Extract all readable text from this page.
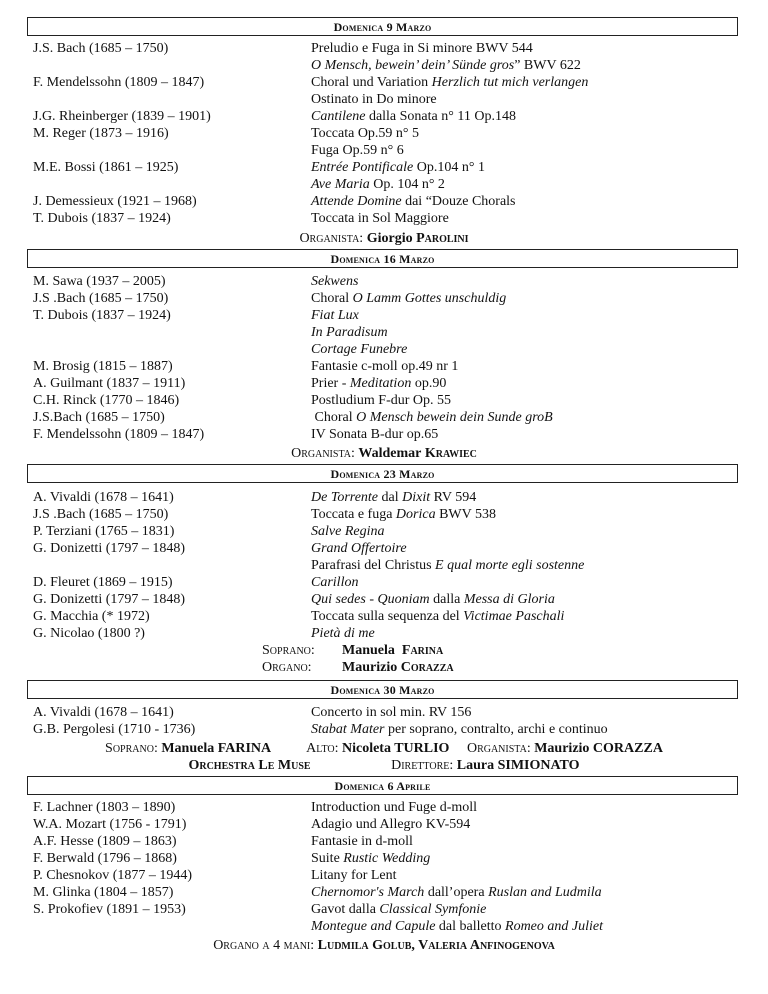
Domenica 9 Marzo
J.S. Bach (1685 – 1750)	Preludio e Fuga in Si minore BWV 544
O Mensch, bewein’ dein’ Sünde gros” BWV 622
F. Mendelssohn (1809 – 1847)	Choral und Variation Herzlich tut mich verlangen
Ostinato in Do minore
J.G. Rheinberger (1839 – 1901)	Cantilene dalla Sonata n° 11 Op.148
M. Reger (1873 – 1916)	Toccata Op.59 n° 5
Fuga Op.59 n° 6
M.E. Bossi (1861 – 1925)	Entrée Pontificale Op.104 n° 1
Ave Maria Op. 104 n° 2
J. Demessieux (1921 – 1968)	Attende Domine dai “Douze Chorals
T. Dubois (1837 – 1924)	Toccata in Sol Maggiore
Organista: Giorgio Parolini
Domenica 16 Marzo
M. Sawa (1937 – 2005)	Sekwens
J.S .Bach (1685 – 1750)	Choral O Lamm Gottes unschuldig
T. Dubois (1837 – 1924)	Fiat Lux
In Paradisum
Cortage Funebre
M. Brosig (1815 – 1887)	Fantasie c-moll op.49 nr 1
A. Guilmant (1837 – 1911)	Prier - Meditation op.90
C.H. Rinck (1770 – 1846)	Postludium F-dur Op. 55
J.S.Bach (1685 – 1750)	Choral O Mensch bewein dein Sunde groB
F. Mendelssohn (1809 – 1847)	IV Sonata B-dur op.65
Organista: Waldemar Krawiec
Domenica 23 Marzo
A. Vivaldi (1678 – 1641)	De Torrente dal Dixit RV 594
J.S .Bach (1685 – 1750)	Toccata e fuga Dorica BWV 538
P. Terziani (1765 – 1831)	Salve Regina
G. Donizetti (1797 – 1848)	Grand Offertoire
Parafrasi del Christus E qual morte egli sostenne
D. Fleuret (1869 – 1915)	Carillon
G. Donizetti (1797 – 1848)	Qui sedes - Quoniam dalla Messa di Gloria
G. Macchia (* 1972)	Toccata sulla sequenza del Victimae Paschali
G. Nicolao (1800 ?)	Pietà di me
Soprano: Manuela Farina
Organo: Maurizio Corazza
Domenica 30 Marzo
A. Vivaldi (1678 – 1641)	Concerto in sol min. RV 156
G.B. Pergolesi (1710 - 1736)	Stabat Mater per soprano, contralto, archi e continuo
Soprano: Manuela FARINA	Alto: Nicoleta TURLIO Organista: Maurizio CORAZZA
Orchestra Le Muse	Direttore: Laura SIMIONATO
Domenica 6 Aprile
F. Lachner (1803 – 1890)	Introduction und Fuge d-moll
W.A. Mozart (1756 - 1791)	Adagio und Allegro KV-594
A.F. Hesse (1809 – 1863)	Fantasie in d-moll
F. Berwald (1796 – 1868)	Suite Rustic Wedding
P. Chesnokov (1877 – 1944)	Litany for Lent
M. Glinka (1804 – 1857)	Chernomor's March dall’opera Ruslan and Ludmila
S. Prokofiev (1891 – 1953)	Gavot dalla Classical Symfonie
Montegue and Capule dal balletto Romeo and Juliet
Organo a 4 mani: Ludmila Golub, Valeria Anfinogenova
